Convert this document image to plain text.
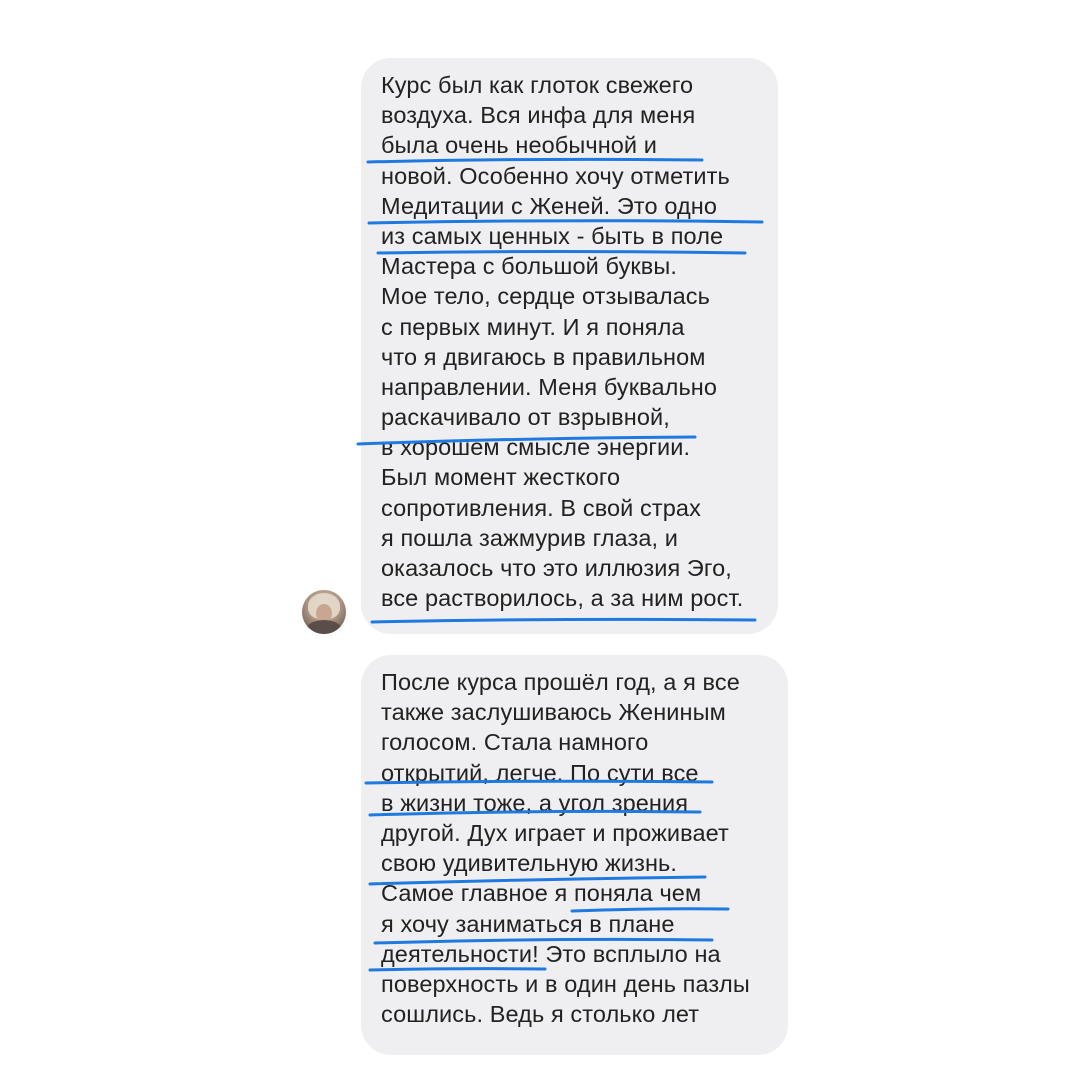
Курс был как глоток свежего
воздуха. Вся инфа для меня
была очень необычной и
новой. Особенно хочу отметить
Медитации с Женей. Это одно
из самых ценных - быть в поле
Мастера с большой буквы.
Мое тело, сердце отзывалась
с первых минут. И я поняла
что я двигаюсь в правильном
направлении. Меня буквально
раскачивало от взрывной,
в хорошем смысле энергии.
Был момент жесткого
сопротивления. В свой страх
я пошла зажмурив глаза, и
оказалось что это иллюзия Эго,
все растворилось, а за ним рост.
После курса прошёл год, а я все
также заслушиваюсь Жениным
голосом. Стала намного
открытий, легче. По сути все
в жизни тоже, а угол зрения
другой. Дух играет и проживает
свою удивительную жизнь.
Самое главное я поняла чем
я хочу заниматься в плане
деятельности! Это всплыло на
поверхность и в один день пазлы
сошлись. Ведь я столько лет
